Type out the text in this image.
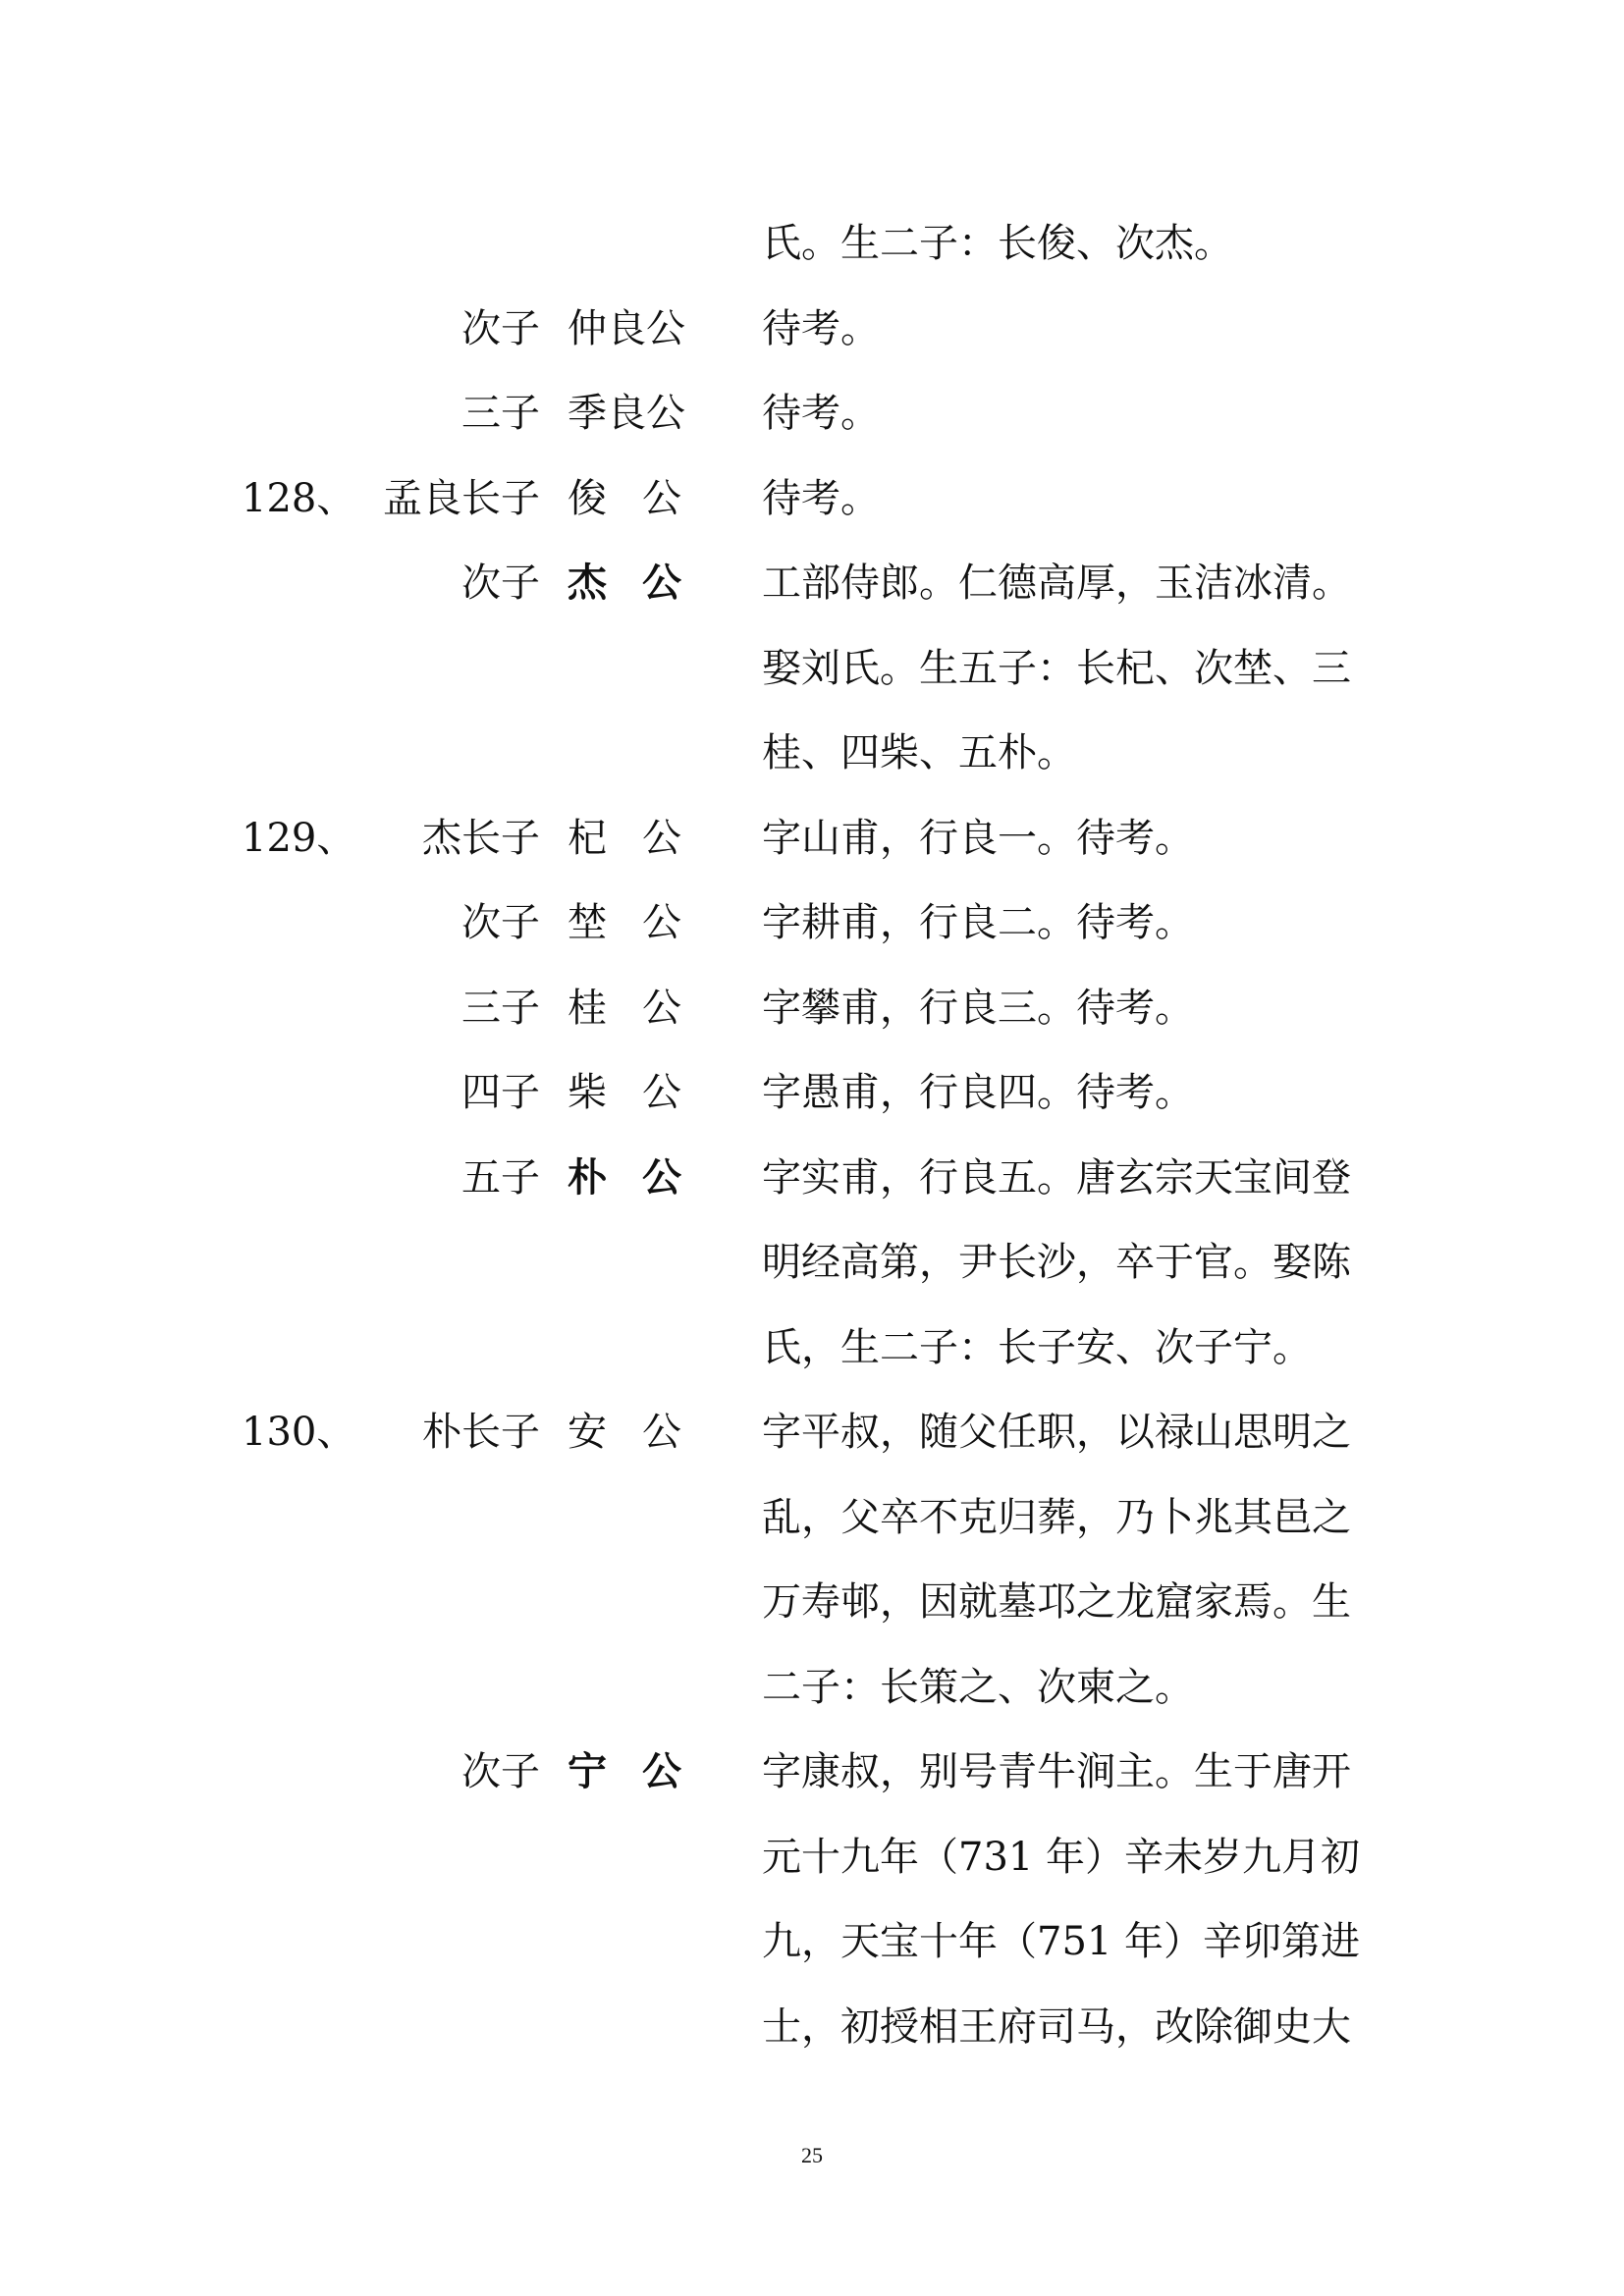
氏。生二子：长俊、次杰。
次子 仲良公	待考。
三子 季良公	待考。
128、 孟良长子 俊公 待考。
次子 杰公 工部侍郎。仁德高厚，玉洁冰清。
娶刘氏。生五子：长杞、次埜、三
桂、四柴、五朴。
129、	杰长子 杞公 字山甫，行良一。待考。
次子 埜公 字耕甫，行良二。待考。
三子 桂公 字攀甫，行良三。待考。
四子 柴公 字愚甫，行良四。待考。
五子 朴公 字实甫，行良五。唐玄宗天宝间登
明经高第，尹长沙，卒于官。娶陈
氏，生二子：长子安、次子宁。
130、	朴长子 安公 字平叔，随父任职，以禄山思明之
乱，父卒不克归葬，乃卜兆其邑之
万寿邨，因就墓邛之龙窟家焉。生
二子：长策之、次柬之。
次子 宁公 字康叔，别号青牛涧主。生于唐开
元十九年（731 年）辛未岁九月初
九，天宝十年（751 年）辛卯第进
士，初授相王府司马，改除御史大
25
